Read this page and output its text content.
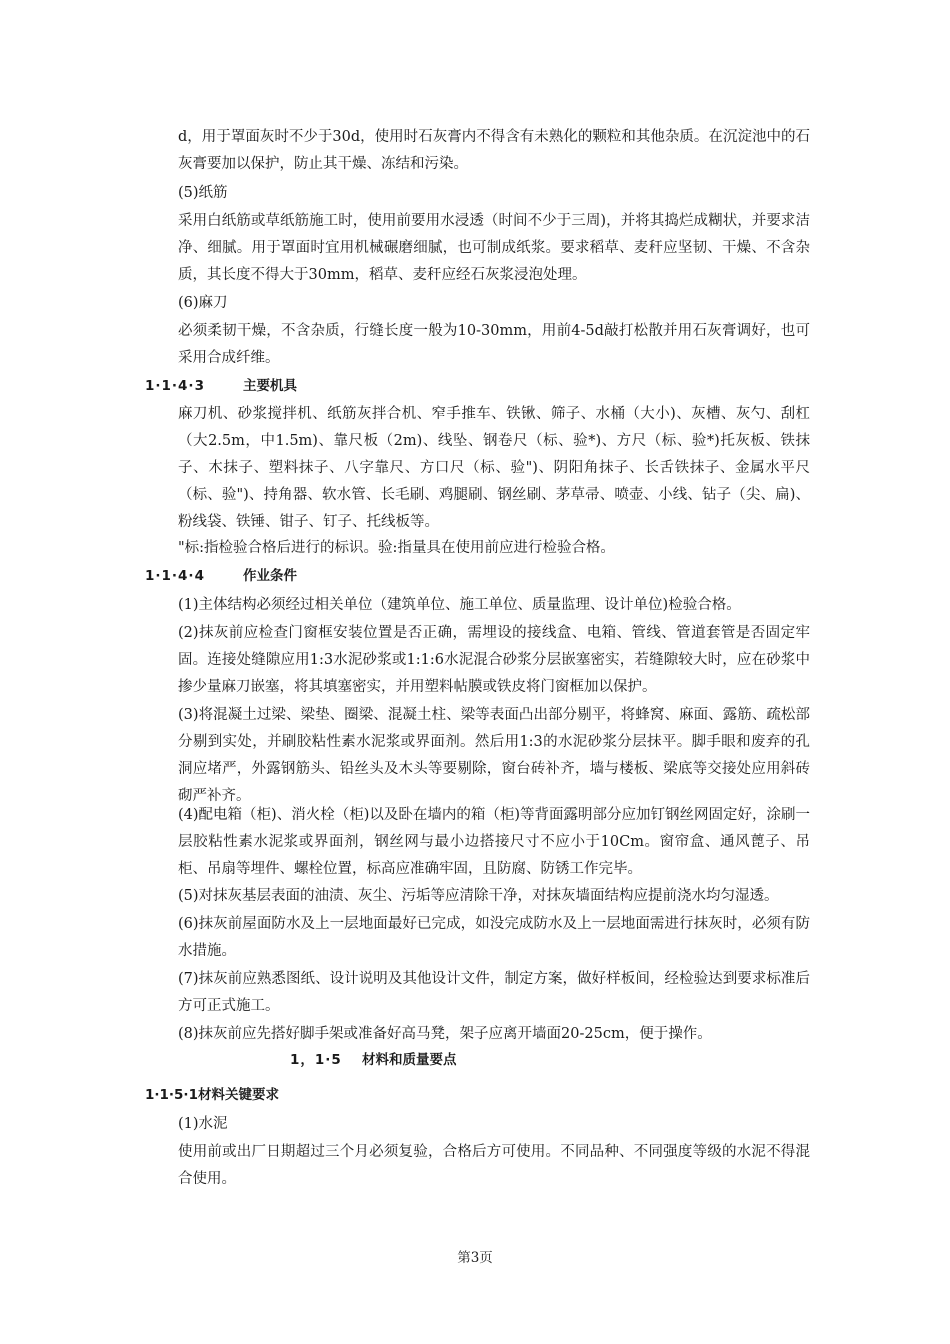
d，用于罩面灰时不少于30d，使用时石灰膏内不得含有未熟化的颗粒和其他杂质。在沉淀池中的石灰膏要加以保护，防止其干燥、冻结和污染。

(5)纸筋

采用白纸筋或草纸筋施工时，使用前要用水浸透（时间不少于三周)，并将其捣烂成糊状，并要求洁净、细腻。用于罩面时宜用机械碾磨细腻，也可制成纸浆。要求稻草、麦秆应坚韧、干燥、不含杂质，其长度不得大于30mm，稻草、麦秆应经石灰浆浸泡处理。

(6)麻刀

必须柔韧干燥，不含杂质，行缝长度一般为10-30mm，用前4-5d敲打松散并用石灰膏调好，也可采用合成纤维。

1·1·4·3	主要机具

麻刀机、砂浆搅拌机、纸筋灰拌合机、窄手推车、铁锹、筛子、水桶（大小)、灰槽、灰勺、刮杠（大2.5m，中1.5m)、靠尺板（2m)、线坠、钢卷尺（标、验*)、方尺（标、验*)托灰板、铁抹子、木抹子、塑料抹子、八字靠尺、方口尺（标、验")、阴阳角抹子、长舌铁抹子、金属水平尺（标、验")、持角器、软水管、长毛刷、鸡腿刷、钢丝刷、茅草帚、喷壶、小线、钻子（尖、扁)、粉线袋、铁锤、钳子、钉子、托线板等。

"标:指检验合格后进行的标识。验:指量具在使用前应进行检验合格。

1·1·4·4	作业条件

(1)主体结构必须经过相关单位（建筑单位、施工单位、质量监理、设计单位)检验合格。

(2)抹灰前应检查门窗框安装位置是否正确，需埋设的接线盒、电箱、管线、管道套管是否固定牢固。连接处缝隙应用1:3水泥砂浆或1:1:6水泥混合砂浆分层嵌塞密实，若缝隙较大时，应在砂浆中掺少量麻刀嵌塞，将其填塞密实，并用塑料帖膜或铁皮将门窗框加以保护。

(3)将混凝土过梁、梁垫、圈梁、混凝土柱、梁等表面凸出部分剔平，将蜂窝、麻面、露筋、疏松部分剔到实处，并刷胶粘性素水泥浆或界面剂。然后用1:3的水泥砂浆分层抹平。脚手眼和废弃的孔洞应堵严，外露钢筋头、铅丝头及木头等要剔除，窗台砖补齐，墙与楼板、梁底等交接处应用斜砖砌严补齐。

(4)配电箱（柜)、消火栓（柜)以及卧在墙内的箱（柜)等背面露明部分应加钉钢丝网固定好，涂刷一层胶粘性素水泥浆或界面剂，钢丝网与最小边搭接尺寸不应小于10Cm。窗帘盒、通风蓖子、吊柜、吊扇等埋件、螺栓位置，标高应准确牢固，且防腐、防锈工作完毕。

(5)对抹灰基层表面的油渍、灰尘、污垢等应清除干净，对抹灰墙面结构应提前浇水均匀湿透。

(6)抹灰前屋面防水及上一层地面最好已完成，如没完成防水及上一层地面需进行抹灰时，必须有防水措施。

(7)抹灰前应熟悉图纸、设计说明及其他设计文件，制定方案，做好样板间，经检验达到要求标准后方可正式施工。

(8)抹灰前应先搭好脚手架或准备好高马凳，架子应离开墙面20-25cm，便于操作。

1，1·5 材料和质量要点
1·1·5·1材料关键要求

(1)水泥

使用前或出厂日期超过三个月必须复验，合格后方可使用。不同品种、不同强度等级的水泥不得混合使用。

第3页
